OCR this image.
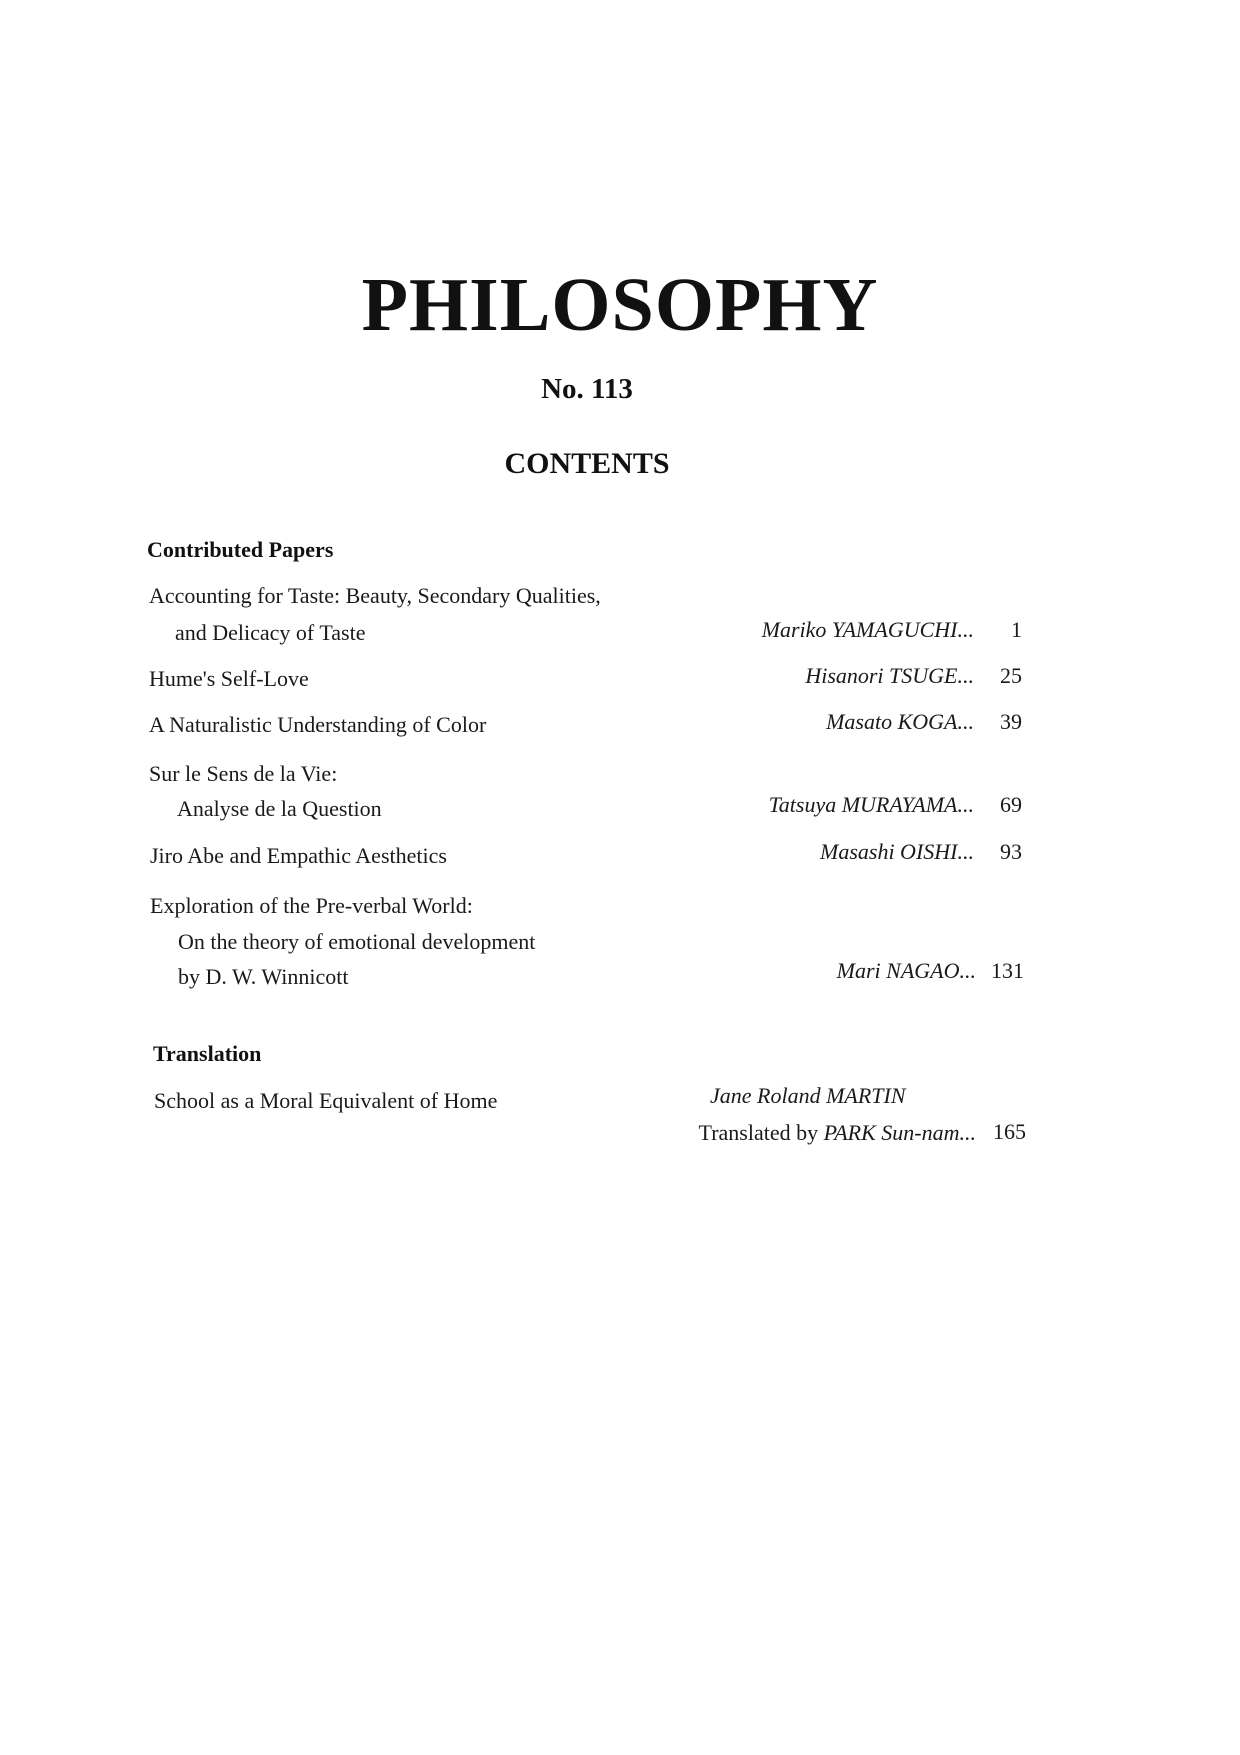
PHILOSOPHY
No. 113
CONTENTS
Contributed Papers
Accounting for Taste: Beauty, Secondary Qualities,
and Delicacy of Taste	Mariko YAMAGUCHI...	1
Hume's Self-Love	Hisanori TSUGE...	25
A Naturalistic Understanding of Color	Masato KOGA...	39
Sur le Sens de la Vie:
Analyse de la Question	Tatsuya MURAYAMA...	69
Jiro Abe and Empathic Aesthetics	Masashi OISHI...	93
Exploration of the Pre-verbal World:
On the theory of emotional development
by D. W. Winnicott	Mari NAGAO... 131
Translation
School as a Moral Equivalent of Home	Jane Roland MARTIN
Translated by PARK Sun-nam... 165
